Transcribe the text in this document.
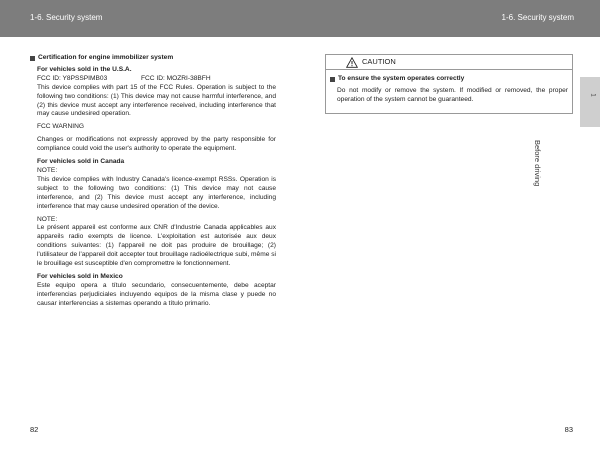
1-6. Security system	1-6. Security system
Certification for engine immobilizer system
For vehicles sold in the U.S.A.
FCC ID: Y8PSSPIMB03	FCC ID: MOZRI-38BFH

This device complies with part 15 of the FCC Rules. Operation is subject to the following two conditions: (1) This device may not cause harmful interference, and (2) this device must accept any interference received, including interference that may cause undesired operation.

FCC WARNING

Changes or modifications not expressly approved by the party responsible for compliance could void the user's authority to operate the equipment.

For vehicles sold in Canada

NOTE:

This device complies with Industry Canada's licence-exempt RSSs. Operation is subject to the following two conditions: (1) This device may not cause interference, and (2) This device must accept any interference, including interference that may cause undesired operation of the device.

NOTE:

Le présent appareil est conforme aux CNR d'Industrie Canada applicables aux appareils radio exempts de licence. L'exploitation est autorisée aux deux conditions suivantes: (1) l'appareil ne doit pas produire de brouillage; (2) l'utilisateur de l'appareil doit accepter tout brouillage radioélectrique subi, même si le brouillage est susceptible d'en compromettre le fonctionnement.

For vehicles sold in Mexico

Este equipo opera a título secundario, consecuentemente, debe aceptar interferencias perjudiciales incluyendo equipos de la misma clase y puede no causar interferencias a sistemas operando a título primario.

CAUTION
To ensure the system operates correctly

Do not modify or remove the system. If modified or removed, the proper operation of the system cannot be guaranteed.

1
Before driving
82	83
